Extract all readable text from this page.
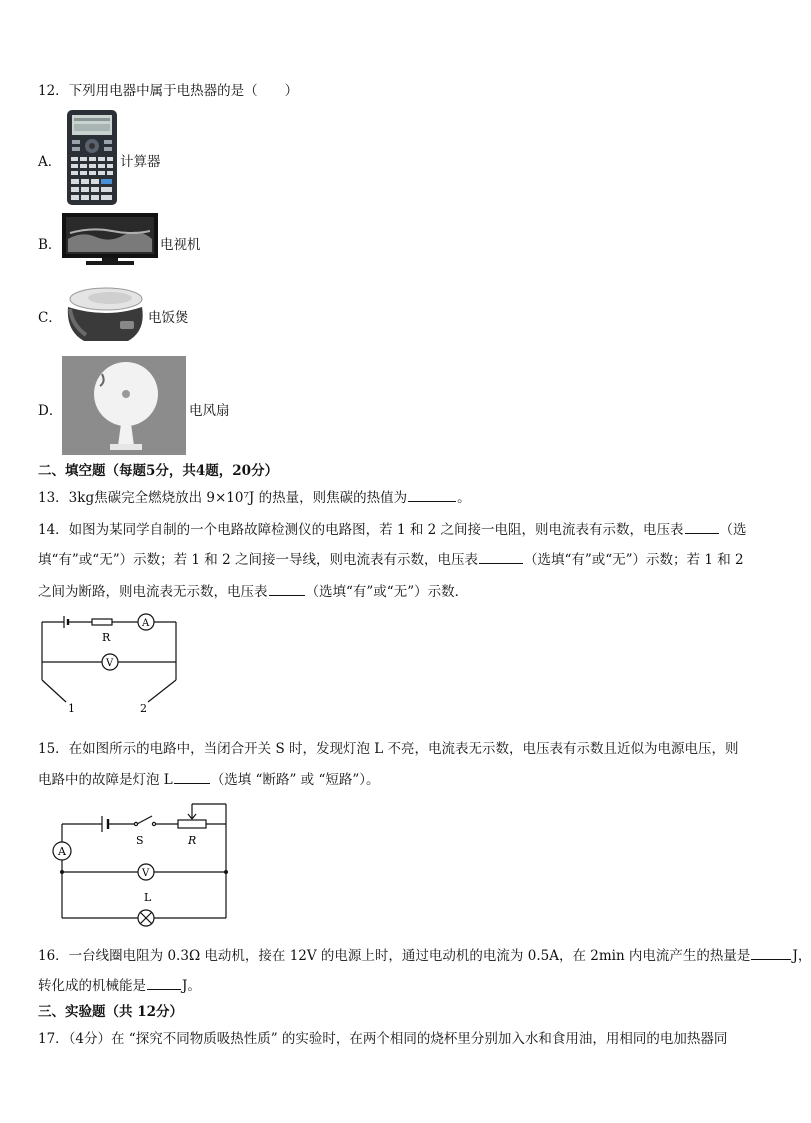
12．下列用电器中属于电热器的是（　　）
A．	计算器
B．	电视机
C．	电饭煲
D．	电风扇
二、填空题（每题5分，共4题，20分）
13．3kg焦碳完全燃烧放出 9×10⁷J 的热量，则焦碳的热值为	。
14．如图为某同学自制的一个电路故障检测仪的电路图，若 1 和 2 之间接一电阻，则电流表有示数，电压表	（选
填“有”或“无”）示数；若 1 和 2 之间接一导线，则电流表有示数，电压表	（选填“有”或“无”）示数；若 1 和 2
之间为断路，则电流表无示数，电压表	（选填“有”或“无”）示数．
R
A
V
1	2
15．在如图所示的电路中，当闭合开关 S 时，发现灯泡 L 不亮，电流表无示数，电压表有示数且近似为电源电压，则
电路中的故障是灯泡 L	（选填 “断路” 或 “短路”）。
A
V
S	R
L
16．一台线圈电阻为 0.3Ω 电动机，接在 12V 的电源上时，通过电动机的电流为 0.5A，在 2min 内电流产生的热量是	J，
转化成的机械能是	J。
三、实验题（共 12分）
17．（4分）在 “探究不同物质吸热性质” 的实验时，在两个相同的烧杯里分别加入水和食用油，用相同的电加热器同
